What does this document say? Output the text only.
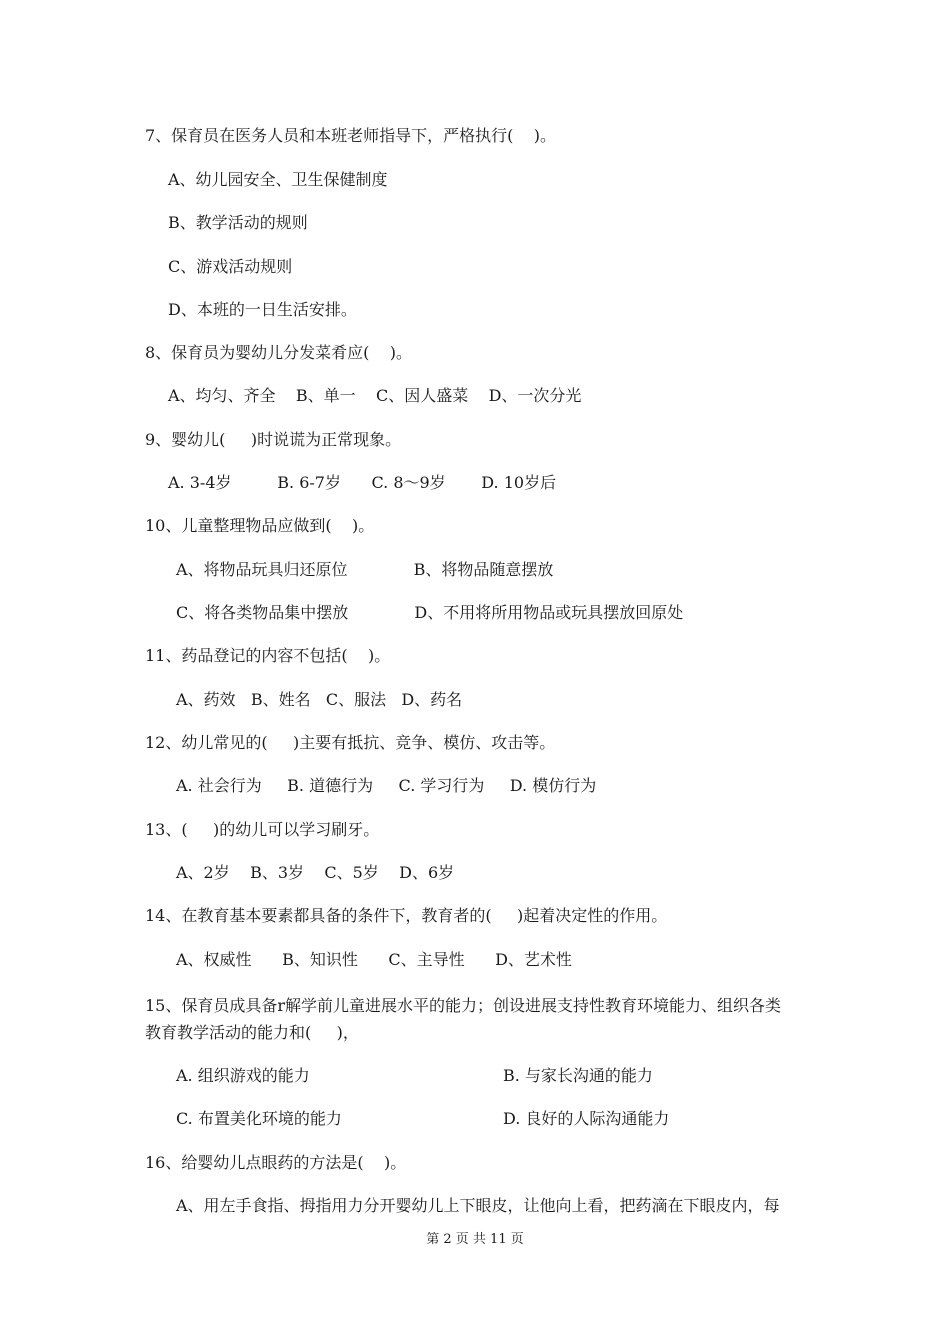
7、保育员在医务人员和本班老师指导下，严格执行(    )。
A、幼儿园安全、卫生保健制度
B、教学活动的规则
C、游戏活动规则
D、本班的一日生活安排。
8、保育员为婴幼儿分发菜肴应(    )。
A、均匀、齐全    B、单一    C、因人盛菜    D、一次分光
9、婴幼儿(     )时说谎为正常现象。
A. 3-4岁         B. 6-7岁      C. 8～9岁       D. 10岁后
10、儿童整理物品应做到(    )。
A、将物品玩具归还原位             B、将物品随意摆放
C、将各类物品集中摆放             D、不用将所用物品或玩具摆放回原处
11、药品登记的内容不包括(    )。
A、药效   B、姓名   C、服法   D、药名
12、幼儿常见的(     )主要有抵抗、竞争、模仿、攻击等。
A. 社会行为     B. 道德行为     C. 学习行为     D. 模仿行为
13、(     )的幼儿可以学习刷牙。
A、2岁    B、3岁    C、5岁    D、6岁
14、在教育基本要素都具备的条件下，教育者的(     )起着决定性的作用。
A、权威性      B、知识性      C、主导性      D、艺术性
15、保育员成具备r解学前儿童进展水平的能力；创设进展支持性教育环境能力、组织各类
教育教学活动的能力和(     )，
A. 组织游戏的能力	B. 与家长沟通的能力
C. 布置美化环境的能力	D. 良好的人际沟通能力
16、给婴幼儿点眼药的方法是(    )。
A、用左手食指、拇指用力分开婴幼儿上下眼皮，让他向上看，把药滴在下眼皮内，每
第 2 页 共 11 页
